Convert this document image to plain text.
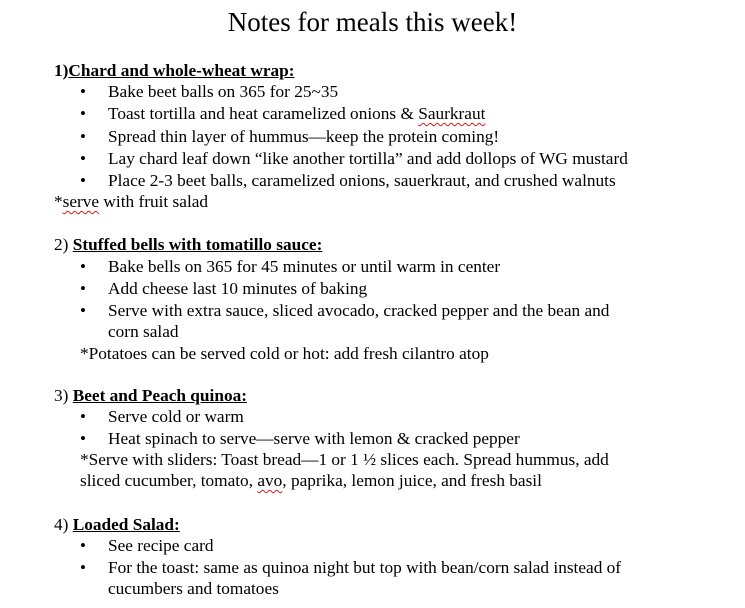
Notes for meals this week!
1)Chard and whole-wheat wrap:
• Bake beet balls on 365 for 25~35
• Toast tortilla and heat caramelized onions & Saurkraut
• Spread thin layer of hummus—keep the protein coming!
• Lay chard leaf down “like another tortilla” and add dollops of WG mustard
• Place 2-3 beet balls, caramelized onions, sauerkraut, and crushed walnuts
*serve with fruit salad
2) Stuffed bells with tomatillo sauce:
• Bake bells on 365 for 45 minutes or until warm in center
• Add cheese last 10 minutes of baking
• Serve with extra sauce, sliced avocado, cracked pepper and the bean and
corn salad
*Potatoes can be served cold or hot: add fresh cilantro atop
3) Beet and Peach quinoa:
• Serve cold or warm
• Heat spinach to serve—serve with lemon & cracked pepper
*Serve with sliders: Toast bread—1 or 1 ½ slices each. Spread hummus, add
sliced cucumber, tomato, avo, paprika, lemon juice, and fresh basil
4) Loaded Salad:
• See recipe card
• For the toast: same as quinoa night but top with bean/corn salad instead of
cucumbers and tomatoes
